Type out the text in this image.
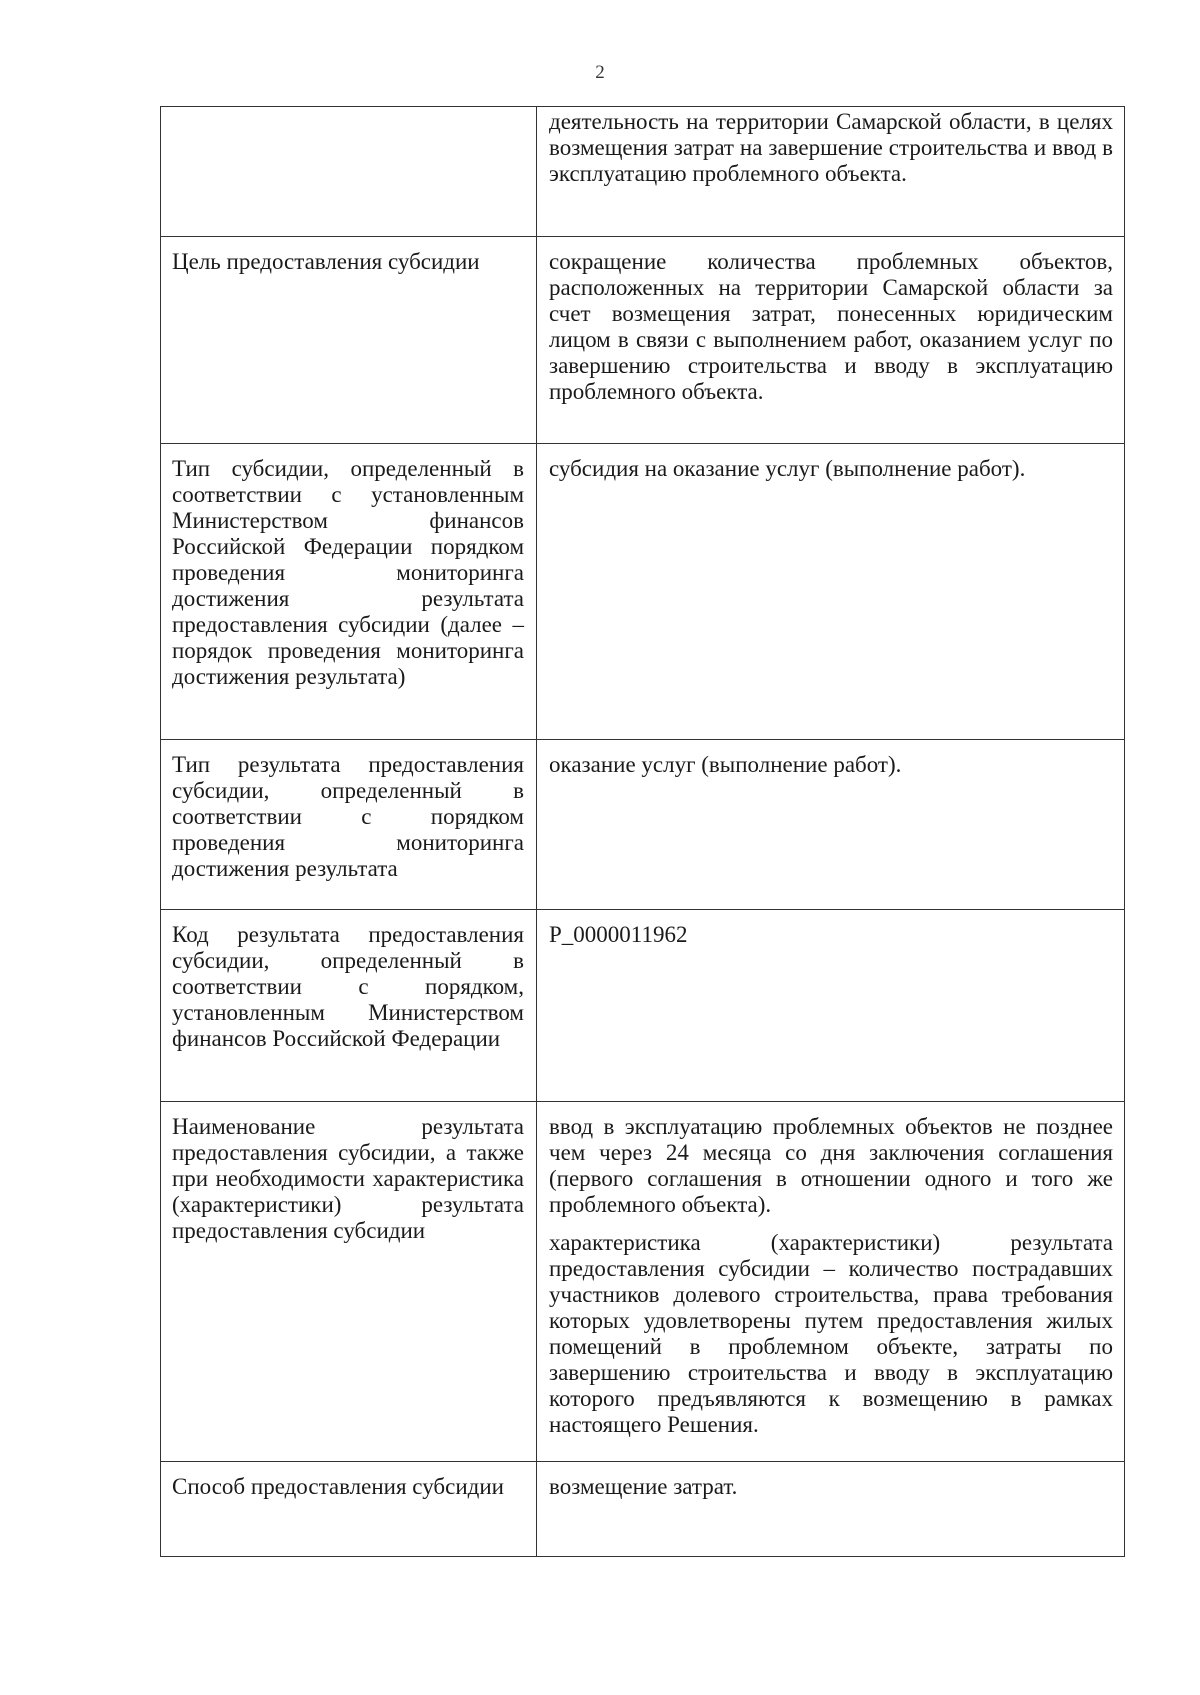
2

	деятельность на территории Самарской области, в целях возмещения затрат на завершение строительства и ввод в эксплуатацию проблемного объекта.

Цель предоставления субсидии	сокращение количества проблемных объектов, расположенных на территории Самарской области за счет возмещения затрат, понесенных юридическим лицом в связи с выполнением работ, оказанием услуг по завершению строительства и вводу в эксплуатацию проблемного объекта.

Тип субсидии, определенный в соответствии с установленным Министерством финансов Российской Федерации порядком проведения мониторинга достижения результата предоставления субсидии (далее – порядок проведения мониторинга достижения результата)	субсидия на оказание услуг (выполнение работ).

Тип результата предоставления субсидии, определенный в соответствии с порядком проведения мониторинга достижения результата	оказание услуг (выполнение работ).

Код результата предоставления субсидии, определенный в соответствии с порядком, установленным Министерством финансов Российской Федерации	P_0000011962

Наименование результата предоставления субсидии, а также при необходимости характеристика (характеристики) результата предоставления субсидии	ввод в эксплуатацию проблемных объектов не позднее чем через 24 месяца со дня заключения соглашения (первого соглашения в отношении одного и того же проблемного объекта).

характеристика (характеристики) результата предоставления субсидии – количество пострадавших участников долевого строительства, права требования которых удовлетворены путем предоставления жилых помещений в проблемном объекте, затраты по завершению строительства и вводу в эксплуатацию которого предъявляются к возмещению в рамках настоящего Решения.

Способ предоставления субсидии	возмещение затрат.
